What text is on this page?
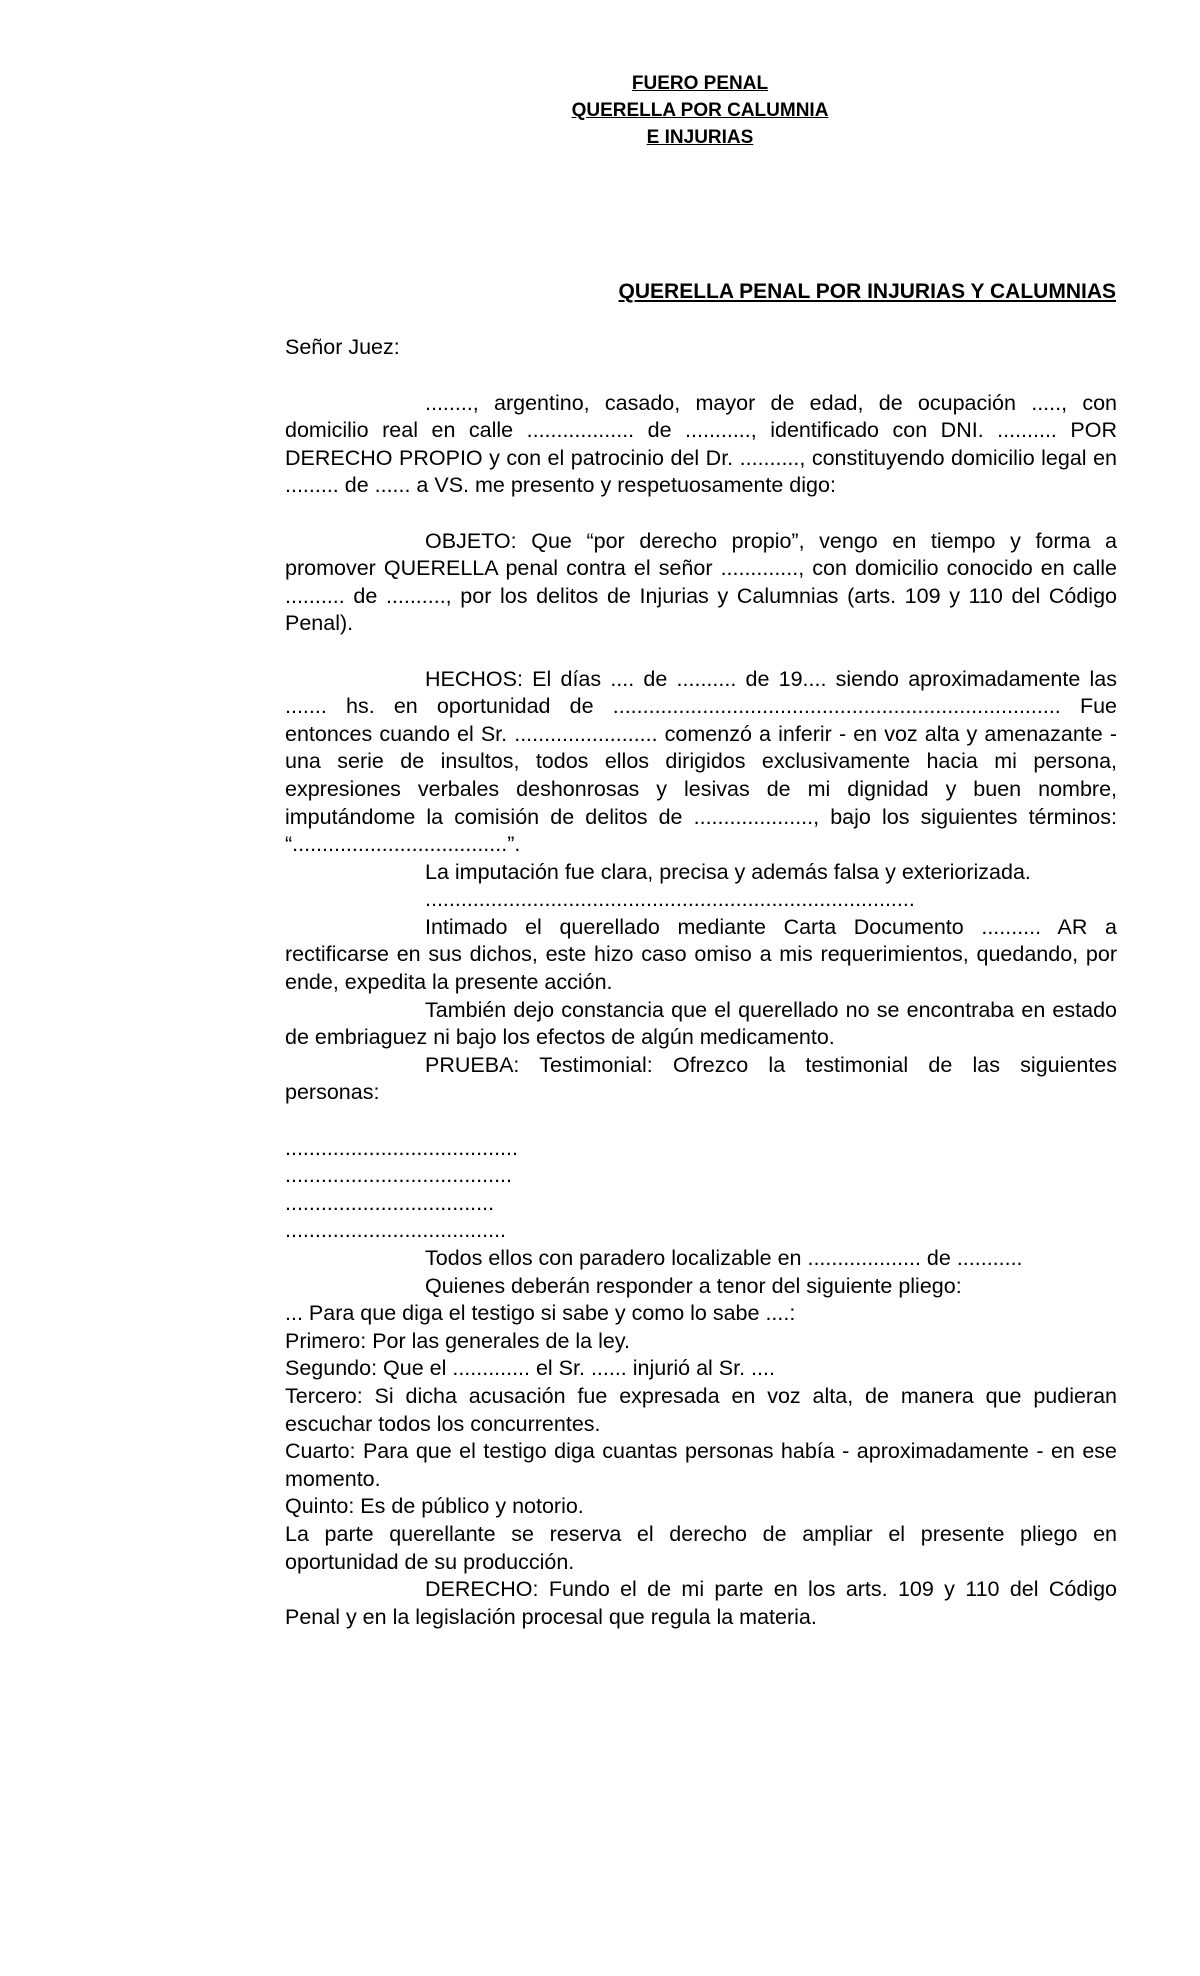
FUERO PENAL
QUERELLA POR CALUMNIA
E INJURIAS
QUERELLA PENAL POR INJURIAS Y CALUMNIAS

Señor Juez:

........, argentino, casado, mayor de edad, de ocupación ....., con domicilio real en calle .................. de ..........., identificado con DNI. .......... POR DERECHO PROPIO y con el patrocinio del Dr. .........., constituyendo domicilio legal en ......... de ...... a VS. me presento y respetuosamente digo:

OBJETO: Que “por derecho propio”, vengo en tiempo y forma a promover QUERELLA penal contra el señor ............., con domicilio conocido en calle .......... de .........., por los delitos de Injurias y Calumnias (arts. 109 y 110 del Código Penal).

HECHOS: El días .... de .......... de 19.... siendo aproximadamente las ....... hs. en oportunidad de ........................................................................... Fue entonces cuando el Sr. ........................ comenzó a inferir - en voz alta y amenazante - una serie de insultos, todos ellos dirigidos exclusivamente hacia mi persona, expresiones verbales deshonrosas y lesivas de mi dignidad y buen nombre, imputándome la comisión de delitos de ...................., bajo los siguientes términos: “....................................”.

La imputación fue clara, precisa y además falsa y exteriorizada.

..................................................................................

Intimado el querellado mediante Carta Documento .......... AR a rectificarse en sus dichos, este hizo caso omiso a mis requerimientos, quedando, por ende, expedita la presente acción.

También dejo constancia que el querellado no se encontraba en estado de embriaguez ni bajo los efectos de algún medicamento.

PRUEBA: Testimonial: Ofrezco la testimonial de las siguientes personas:

.......................................

......................................

...................................

.....................................

Todos ellos con paradero localizable en ................... de ...........

Quienes deberán responder a tenor del siguiente pliego:

... Para que diga el testigo si sabe y como lo sabe ....:

Primero: Por las generales de la ley.

Segundo: Que el ............. el Sr. ...... injurió al Sr. ....

Tercero: Si dicha acusación fue expresada en voz alta, de manera que pudieran escuchar todos los concurrentes.

Cuarto: Para que el testigo diga cuantas personas había - aproximadamente - en ese momento.

Quinto: Es de público y notorio.

La parte querellante se reserva el derecho de ampliar el presente pliego en oportunidad de su producción.

DERECHO: Fundo el de mi parte en los arts. 109 y 110 del Código Penal y en la legislación procesal que regula la materia.
